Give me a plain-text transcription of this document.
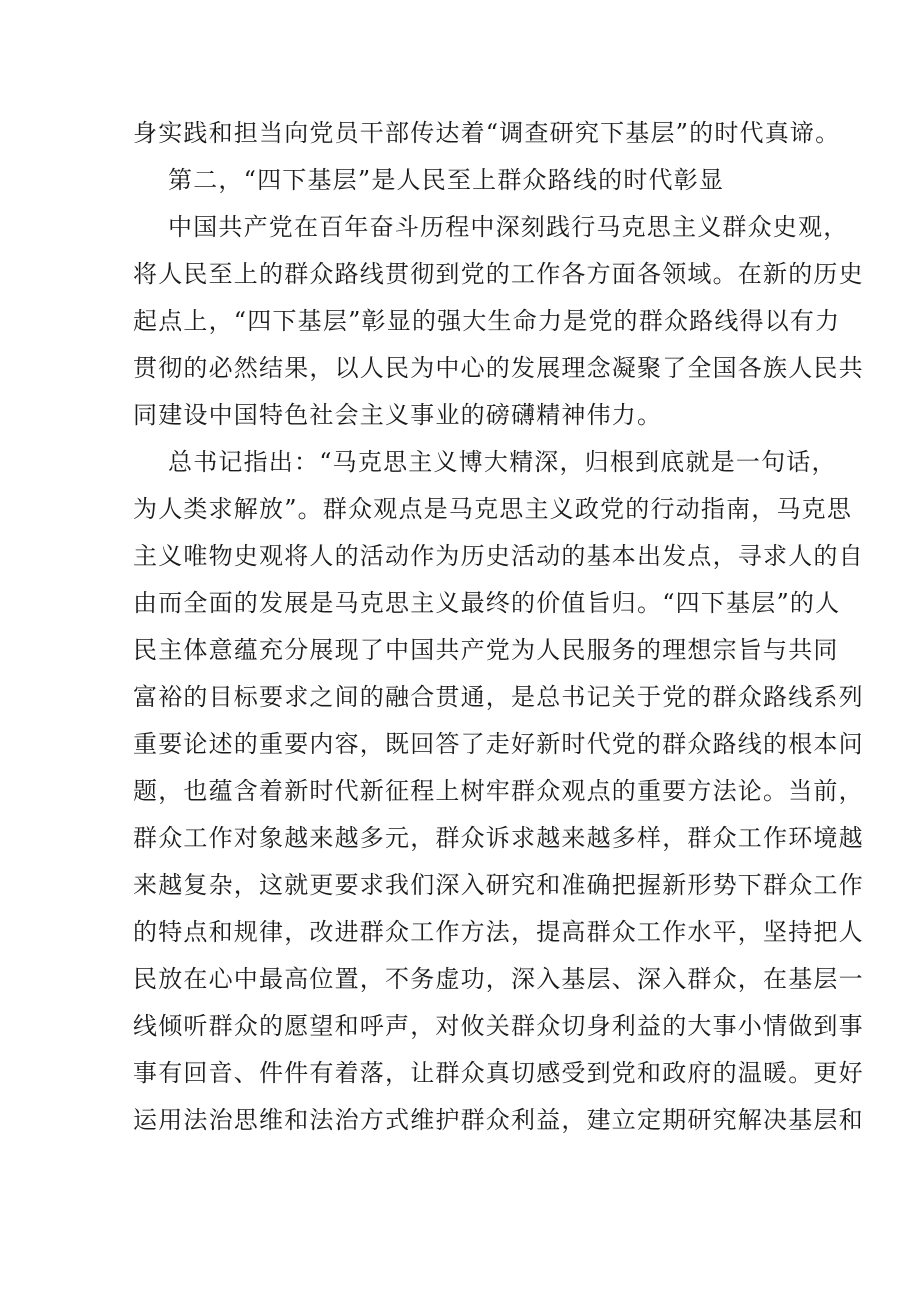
身实践和担当向党员干部传达着“调查研究下基层”的时代真谛。
第二，“四下基层”是人民至上群众路线的时代彰显
中国共产党在百年奋斗历程中深刻践行马克思主义群众史观，
将人民至上的群众路线贯彻到党的工作各方面各领域。在新的历史
起点上，“四下基层”彰显的强大生命力是党的群众路线得以有力
贯彻的必然结果，以人民为中心的发展理念凝聚了全国各族人民共
同建设中国特色社会主义事业的磅礴精神伟力。
总书记指出：“马克思主义博大精深，归根到底就是一句话，
为人类求解放”。群众观点是马克思主义政党的行动指南，马克思
主义唯物史观将人的活动作为历史活动的基本出发点，寻求人的自
由而全面的发展是马克思主义最终的价值旨归。“四下基层”的人
民主体意蕴充分展现了中国共产党为人民服务的理想宗旨与共同
富裕的目标要求之间的融合贯通，是总书记关于党的群众路线系列
重要论述的重要内容，既回答了走好新时代党的群众路线的根本问
题，也蕴含着新时代新征程上树牢群众观点的重要方法论。当前，
群众工作对象越来越多元，群众诉求越来越多样，群众工作环境越
来越复杂，这就更要求我们深入研究和准确把握新形势下群众工作
的特点和规律，改进群众工作方法，提高群众工作水平，坚持把人
民放在心中最高位置，不务虚功，深入基层、深入群众，在基层一
线倾听群众的愿望和呼声，对攸关群众切身利益的大事小情做到事
事有回音、件件有着落，让群众真切感受到党和政府的温暖。更好
运用法治思维和法治方式维护群众利益，建立定期研究解决基层和
